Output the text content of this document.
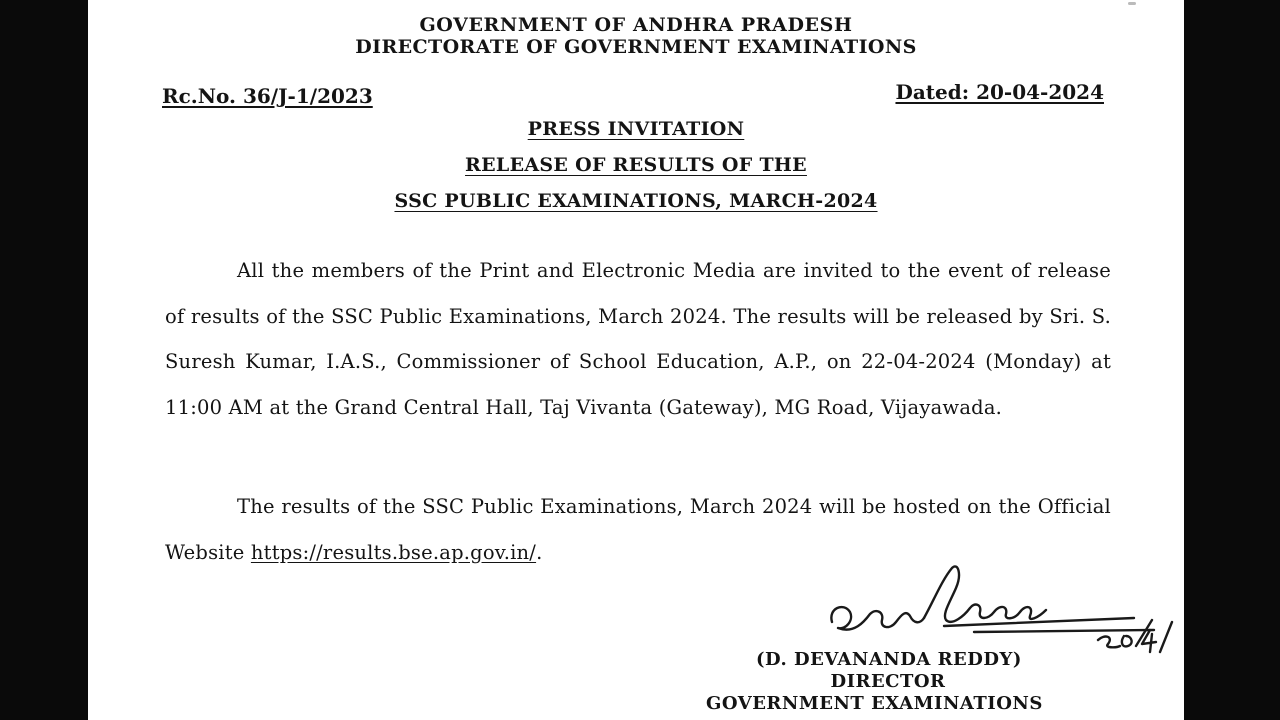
GOVERNMENT OF ANDHRA PRADESH
DIRECTORATE OF GOVERNMENT EXAMINATIONS
Rc.No. 36/J-1/2023	Dated: 20-04-2024
PRESS INVITATION
RELEASE OF RESULTS OF THE
SSC PUBLIC EXAMINATIONS, MARCH-2024
All the members of the Print and Electronic Media are invited to the event of release of results of the SSC Public Examinations, March 2024. The results will be released by Sri. S. Suresh Kumar, I.A.S., Commissioner of School Education, A.P., on 22-04-2024 (Monday) at 11:00 AM at the Grand Central Hall, Taj Vivanta (Gateway), MG Road, Vijayawada.
The results of the SSC Public Examinations, March 2024 will be hosted on the Official Website https://results.bse.ap.gov.in/.
(D. DEVANANDA REDDY)
DIRECTOR
GOVERNMENT EXAMINATIONS
